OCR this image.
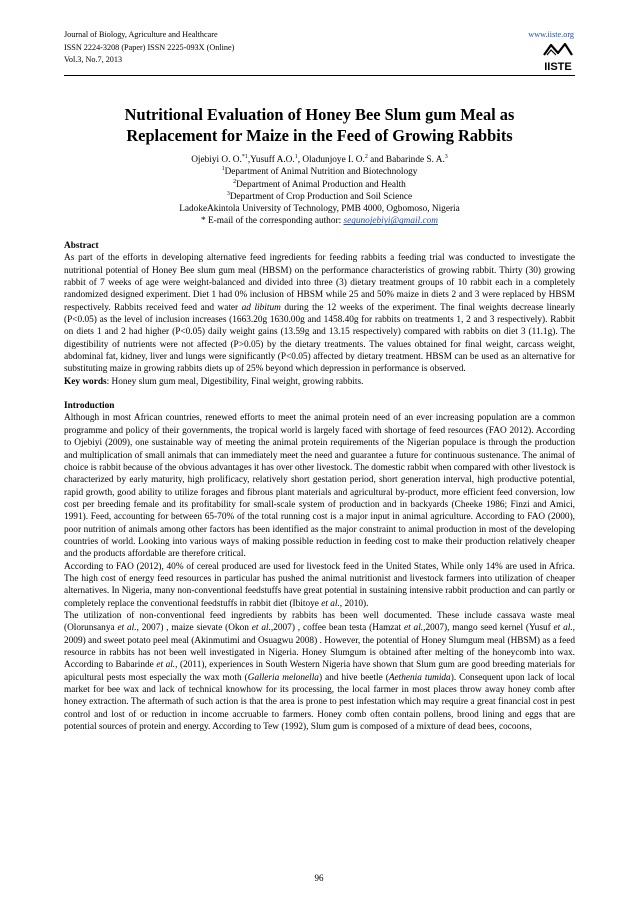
Journal of Biology, Agriculture and Healthcare
ISSN 2224-3208 (Paper) ISSN 2225-093X (Online)
Vol.3, No.7, 2013
www.iiste.org
IISTE
Nutritional Evaluation of Honey Bee Slum gum Meal as
Replacement for Maize in the Feed of Growing Rabbits
Ojebiyi O. O.$^{*1}$,Yusuff A.O.$^1$, Oladunjoye I. O.$^2$ and Babarinde S. A.$^3$
$^1$Department of Animal Nutrition and Biotechnology
$^2$Department of Animal Production and Health
$^3$Department of Crop Production and Soil Science
LadokeAkintola University of Technology, PMB 4000, Ogbomoso, Nigeria
* E-mail of the corresponding author: segunojebiyi@gmail.com
Abstract

As part of the efforts in developing alternative feed ingredients for feeding rabbits a feeding trial was conducted to investigate the nutritional potential of Honey Bee slum gum meal (HBSM) on the performance characteristics of growing rabbit. Thirty (30) growing rabbit of 7 weeks of age were weight-balanced and divided into three (3) dietary treatment groups of 10 rabbit each in a completely randomized designed experiment. Diet 1 had 0% inclusion of HBSM while 25 and 50% maize in diets 2 and 3 were replaced by HBSM respectively. Rabbits received feed and water ad libitum during the 12 weeks of the experiment. The final weights decrease linearly (P<0.05) as the level of inclusion increases (1663.20g 1630.00g and 1458.40g for rabbits on treatments 1, 2 and 3 respectively). Rabbit on diets 1 and 2 had higher (P<0.05) daily weight gains (13.59g and 13.15 respectively) compared with rabbits on diet 3 (11.1g). The digestibility of nutrients were not affected (P>0.05) by the dietary treatments. The values obtained for final weight, carcass weight, abdominal fat, kidney, liver and lungs were significantly (P<0.05) affected by dietary treatment. HBSM can be used as an alternative for substituting maize in growing rabbits diets up of 25% beyond which depression in performance is observed.

Key words: Honey slum gum meal, Digestibility, Final weight, growing rabbits.

Introduction

Although in most African countries, renewed efforts to meet the animal protein need of an ever increasing population are a common programme and policy of their governments, the tropical world is largely faced with shortage of feed resources (FAO 2012). According to Ojebiyi (2009), one sustainable way of meeting the animal protein requirements of the Nigerian populace is through the production and multiplication of small animals that can immediately meet the need and guarantee a future for continuous sustenance. The animal of choice is rabbit because of the obvious advantages it has over other livestock. The domestic rabbit when compared with other livestock is characterized by early maturity, high prolificacy, relatively short gestation period, short generation interval, high productive potential, rapid growth, good ability to utilize forages and fibrous plant materials and agricultural by-product, more efficient feed conversion, low cost per breeding female and its profitability for small-scale system of production and in backyards (Cheeke 1986; Finzi and Amici, 1991). Feed, accounting for between 65-70% of the total running cost is a major input in animal agriculture. According to FAO (2000), poor nutrition of animals among other factors has been identified as the major constraint to animal production in most of the developing countries of world. Looking into various ways of making possible reduction in feeding cost to make their production relatively cheaper and the products affordable are therefore critical.

According to FAO (2012), 40% of cereal produced are used for livestock feed in the United States, While only 14% are used in Africa. The high cost of energy feed resources in particular has pushed the animal nutritionist and livestock farmers into utilization of cheaper alternatives. In Nigeria, many non-conventional feedstuffs have great potential in sustaining intensive rabbit production and can partly or completely replace the conventional feedstuffs in rabbit diet (Ibitoye et al., 2010).

The utilization of non-conventional feed ingredients by rabbits has been well documented. These include cassava waste meal (Olorunsanya et al., 2007) , maize sievate (Okon et al.,2007) , coffee bean testa (Hamzat et al.,2007), mango seed kernel (Yusuf et al., 2009) and sweet potato peel meal (Akinmutimi and Osuagwu 2008) . However, the potential of Honey Slumgum meal (HBSM) as a feed resource in rabbits has not been well investigated in Nigeria. Honey Slumgum is obtained after melting of the honeycomb into wax. According to Babarinde et al., (2011), experiences in South Western Nigeria have shown that Slum gum are good breeding materials for apicultural pests most especially the wax moth (Galleria melonella) and hive beetle (Aethenia tumida). Consequent upon lack of local market for bee wax and lack of technical knowhow for its processing, the local farmer in most places throw away honey comb after honey extraction. The aftermath of such action is that the area is prone to pest infestation which may require a great financial cost in pest control and lost of or reduction in income accruable to farmers. Honey comb often contain pollens, brood lining and eggs that are potential sources of protein and energy. According to Tew (1992), Slum gum is composed of a mixture of dead bees, cocoons,

96
